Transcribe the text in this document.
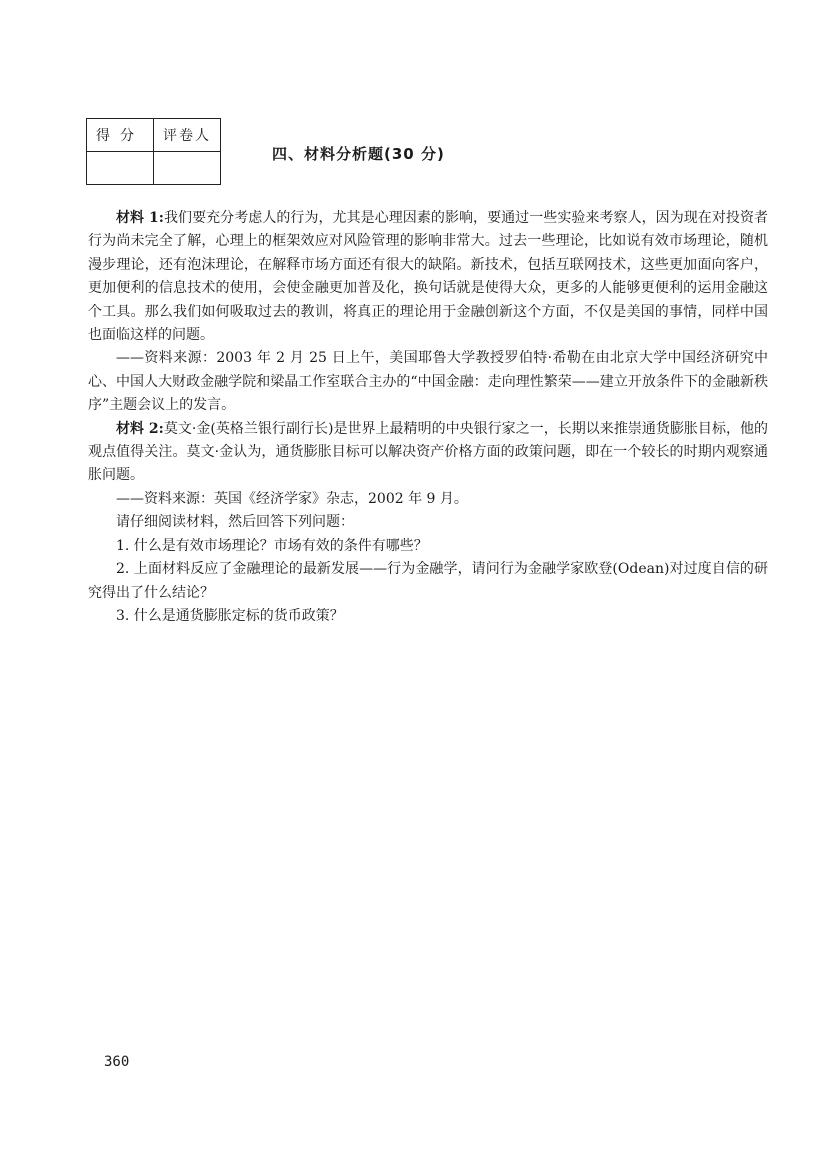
得分	评卷人

四、材料分析题(30 分)

材料 1:我们要充分考虑人的行为，尤其是心理因素的影响，要通过一些实验来考察人，因为现在对投资者行为尚未完全了解，心理上的框架效应对风险管理的影响非常大。过去一些理论，比如说有效市场理论，随机漫步理论，还有泡沫理论，在解释市场方面还有很大的缺陷。新技术，包括互联网技术，这些更加面向客户，更加便利的信息技术的使用，会使金融更加普及化，换句话就是使得大众，更多的人能够更便利的运用金融这个工具。那么我们如何吸取过去的教训，将真正的理论用于金融创新这个方面，不仅是美国的事情，同样中国也面临这样的问题。

——资料来源：2003 年 2 月 25 日上午，美国耶鲁大学教授罗伯特·希勒在由北京大学中国经济研究中心、中国人大财政金融学院和梁晶工作室联合主办的“中国金融：走向理性繁荣——建立开放条件下的金融新秩序”主题会议上的发言。

材料 2:莫文·金(英格兰银行副行长)是世界上最精明的中央银行家之一，长期以来推崇通货膨胀目标，他的观点值得关注。莫文·金认为，通货膨胀目标可以解决资产价格方面的政策问题，即在一个较长的时期内观察通胀问题。

——资料来源：英国《经济学家》杂志，2002 年 9 月。

请仔细阅读材料，然后回答下列问题：

1. 什么是有效市场理论？市场有效的条件有哪些？

2. 上面材料反应了金融理论的最新发展——行为金融学，请问行为金融学家欧登(Odean)对过度自信的研究得出了什么结论？

3. 什么是通货膨胀定标的货币政策？

360
